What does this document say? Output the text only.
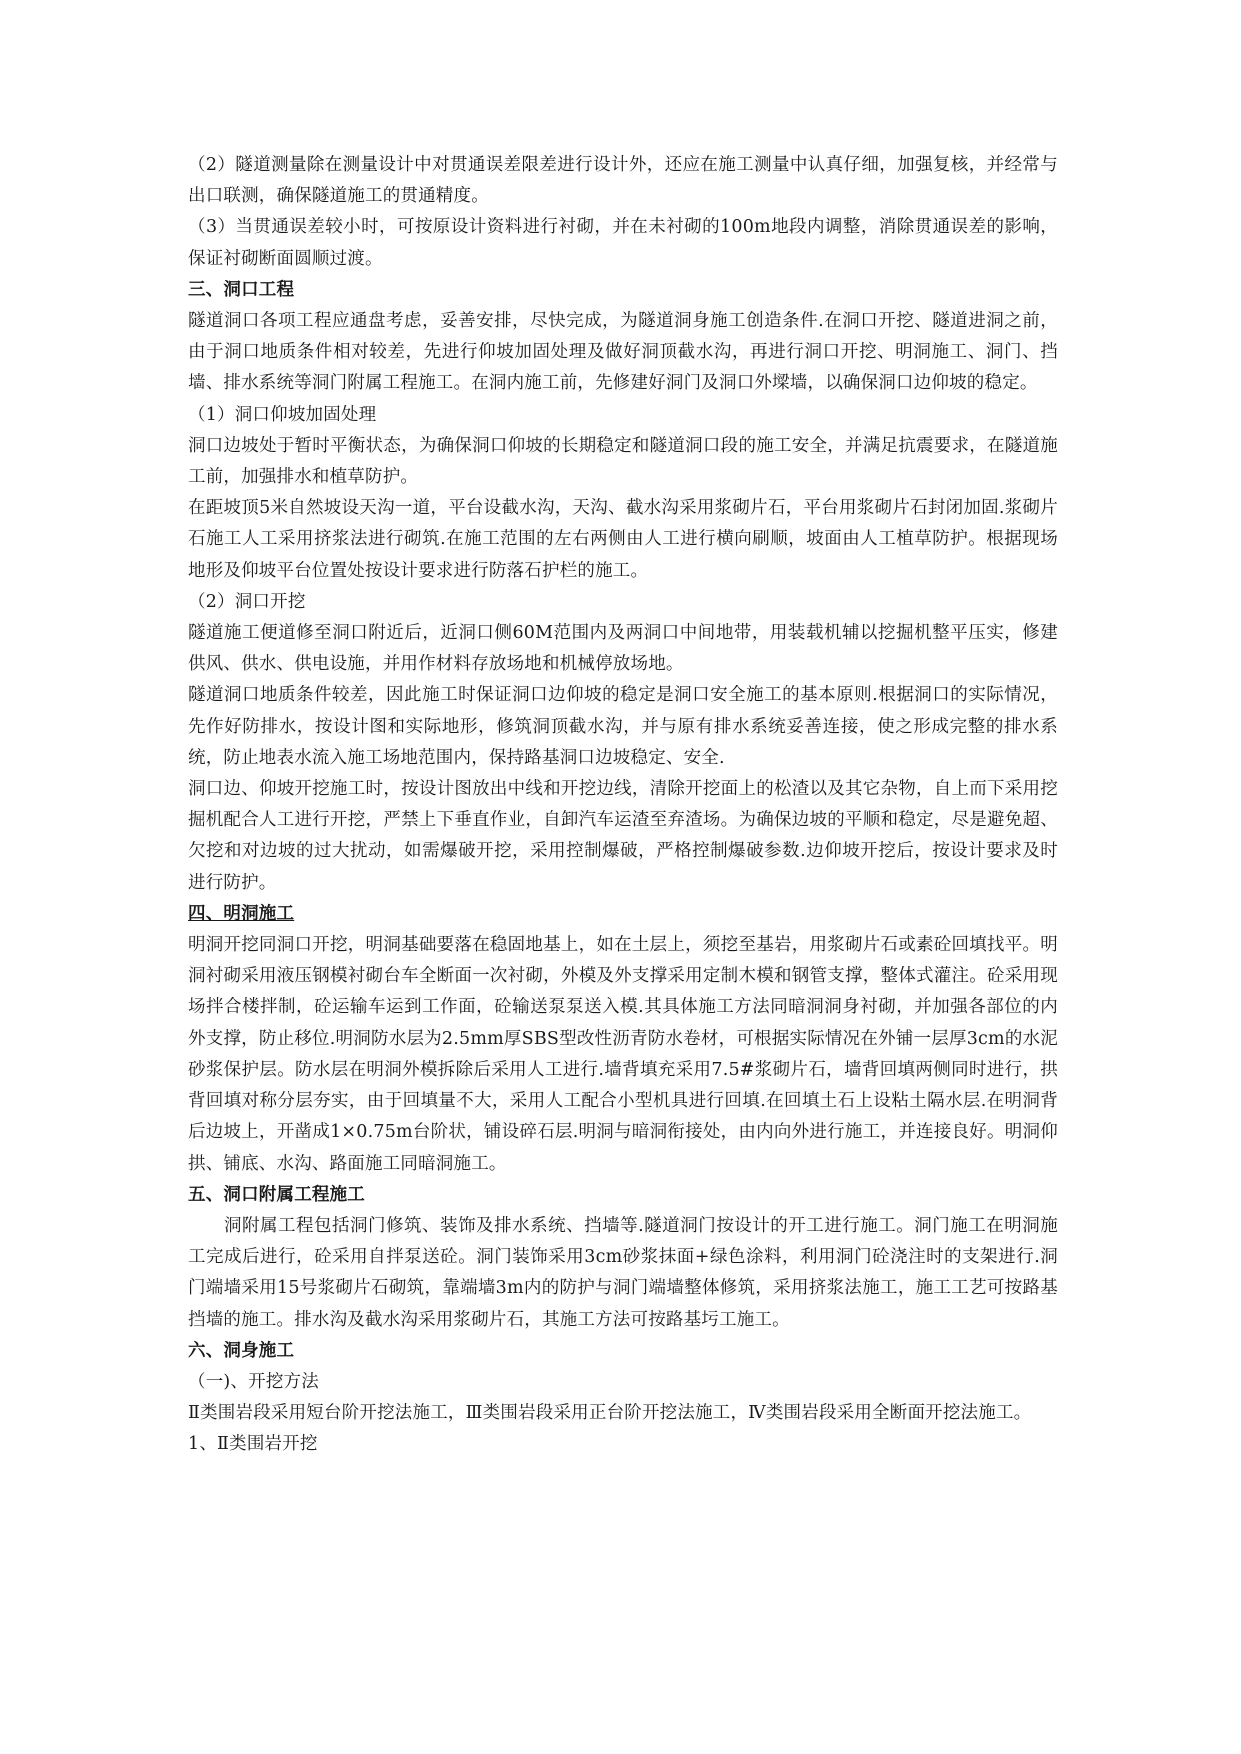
（2）隧道测量除在测量设计中对贯通误差限差进行设计外，还应在施工测量中认真仔细，加强复核，并经常与出口联测，确保隧道施工的贯通精度。

（3）当贯通误差较小时，可按原设计资料进行衬砌，并在未衬砌的100m地段内调整，消除贯通误差的影响，保证衬砌断面圆顺过渡。

三、洞口工程

隧道洞口各项工程应通盘考虑，妥善安排，尽快完成，为隧道洞身施工创造条件.在洞口开挖、隧道进洞之前，由于洞口地质条件相对较差，先进行仰坡加固处理及做好洞顶截水沟，再进行洞口开挖、明洞施工、洞门、挡墙、排水系统等洞门附属工程施工。在洞内施工前，先修建好洞门及洞口外墚墙，以确保洞口边仰坡的稳定。

（1）洞口仰坡加固处理

洞口边坡处于暂时平衡状态，为确保洞口仰坡的长期稳定和隧道洞口段的施工安全，并满足抗震要求，在隧道施工前，加强排水和植草防护。

在距坡顶5米自然坡设天沟一道，平台设截水沟，天沟、截水沟采用浆砌片石，平台用浆砌片石封闭加固.浆砌片石施工人工采用挤浆法进行砌筑.在施工范围的左右两侧由人工进行横向刷顺，坡面由人工植草防护。根据现场地形及仰坡平台位置处按设计要求进行防落石护栏的施工。

（2）洞口开挖

隧道施工便道修至洞口附近后，近洞口侧60M范围内及两洞口中间地带，用装载机辅以挖掘机整平压实，修建供风、供水、供电设施，并用作材料存放场地和机械停放场地。

隧道洞口地质条件较差，因此施工时保证洞口边仰坡的稳定是洞口安全施工的基本原则.根据洞口的实际情况，先作好防排水，按设计图和实际地形，修筑洞顶截水沟，并与原有排水系统妥善连接，使之形成完整的排水系统，防止地表水流入施工场地范围内，保持路基洞口边坡稳定、安全.

洞口边、仰坡开挖施工时，按设计图放出中线和开挖边线，清除开挖面上的松渣以及其它杂物，自上而下采用挖掘机配合人工进行开挖，严禁上下垂直作业，自卸汽车运渣至弃渣场。为确保边坡的平顺和稳定，尽是避免超、欠挖和对边坡的过大扰动，如需爆破开挖，采用控制爆破，严格控制爆破参数.边仰坡开挖后，按设计要求及时进行防护。

四、明洞施工

明洞开挖同洞口开挖，明洞基础要落在稳固地基上，如在土层上，须挖至基岩，用浆砌片石或素砼回填找平。明洞衬砌采用液压钢模衬砌台车全断面一次衬砌，外模及外支撑采用定制木模和钢管支撑，整体式灌注。砼采用现场拌合楼拌制，砼运输车运到工作面，砼输送泵泵送入模.其具体施工方法同暗洞洞身衬砌，并加强各部位的内外支撑，防止移位.明洞防水层为2.5mm厚SBS型改性沥青防水卷材，可根据实际情况在外铺一层厚3cm的水泥砂浆保护层。防水层在明洞外模拆除后采用人工进行.墙背填充采用7.5#浆砌片石，墙背回填两侧同时进行，拱背回填对称分层夯实，由于回填量不大，采用人工配合小型机具进行回填.在回填土石上设粘土隔水层.在明洞背后边坡上，开凿成1×0.75m台阶状，铺设碎石层.明洞与暗洞衔接处，由内向外进行施工，并连接良好。明洞仰拱、铺底、水沟、路面施工同暗洞施工。

五、洞口附属工程施工

洞附属工程包括洞门修筑、装饰及排水系统、挡墙等.隧道洞门按设计的开工进行施工。洞门施工在明洞施工完成后进行，砼采用自拌泵送砼。洞门装饰采用3cm砂浆抹面+绿色涂料，利用洞门砼浇注时的支架进行.洞门端墙采用15号浆砌片石砌筑，靠端墙3m内的防护与洞门端墙整体修筑，采用挤浆法施工，施工工艺可按路基挡墙的施工。排水沟及截水沟采用浆砌片石，其施工方法可按路基圬工施工。

六、洞身施工

（一)、开挖方法

Ⅱ类围岩段采用短台阶开挖法施工，Ⅲ类围岩段采用正台阶开挖法施工，Ⅳ类围岩段采用全断面开挖法施工。

1、Ⅱ类围岩开挖
